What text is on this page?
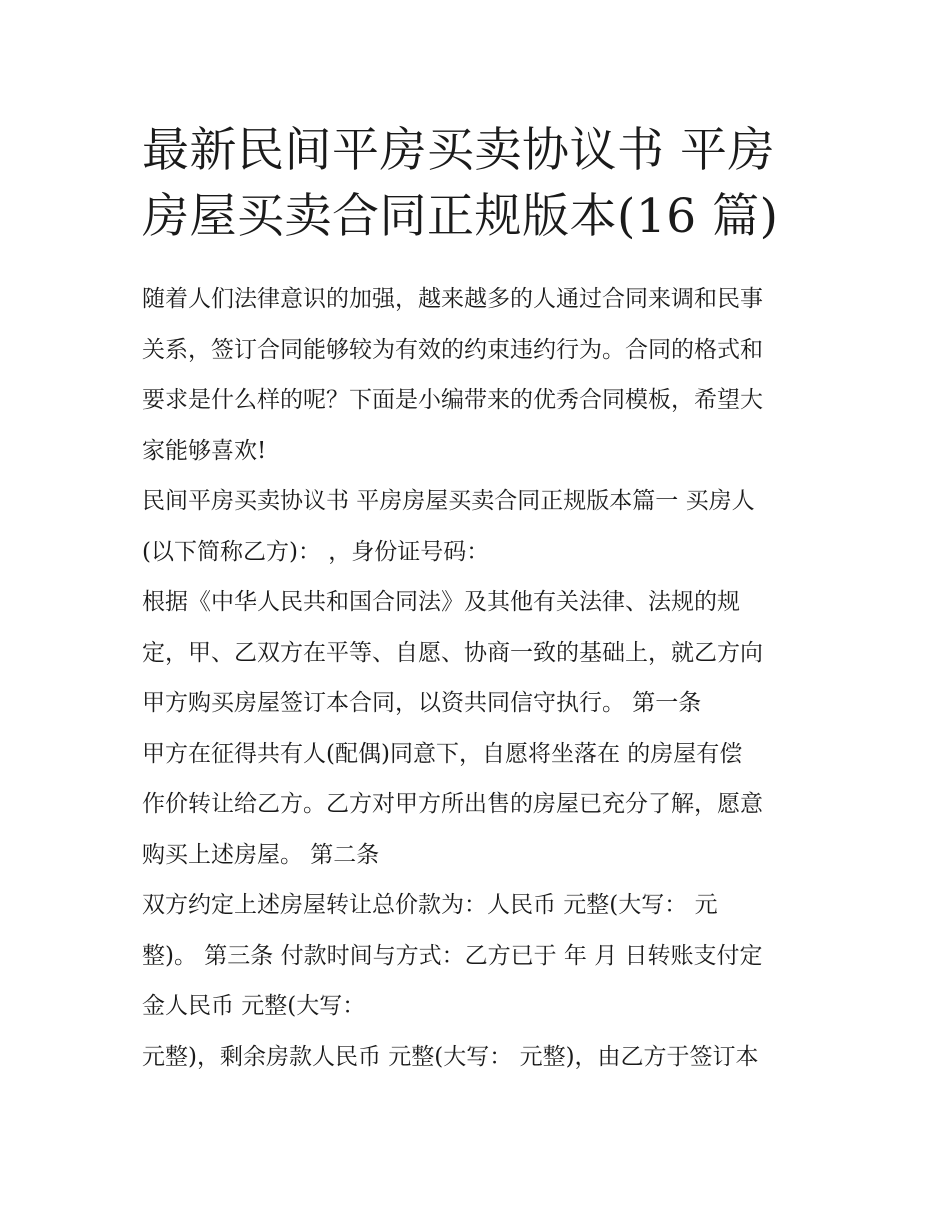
最新民间平房买卖协议书 平房
房屋买卖合同正规版本(16 篇)
随着人们法律意识的加强，越来越多的人通过合同来调和民事
关系，签订合同能够较为有效的约束违约行为。合同的格式和
要求是什么样的呢？下面是小编带来的优秀合同模板，希望大
家能够喜欢!
民间平房买卖协议书 平房房屋买卖合同正规版本篇一 买房人
(以下简称乙方)： ，身份证号码：
根据《中华人民共和国合同法》及其他有关法律、法规的规
定，甲、乙双方在平等、自愿、协商一致的基础上，就乙方向
甲方购买房屋签订本合同，以资共同信守执行。 第一条
甲方在征得共有人(配偶)同意下，自愿将坐落在 的房屋有偿
作价转让给乙方。乙方对甲方所出售的房屋已充分了解，愿意
购买上述房屋。 第二条
双方约定上述房屋转让总价款为：人民币 元整(大写： 元
整)。 第三条 付款时间与方式：乙方已于 年 月 日转账支付定
金人民币 元整(大写：
元整)，剩余房款人民币 元整(大写： 元整)，由乙方于签订本
